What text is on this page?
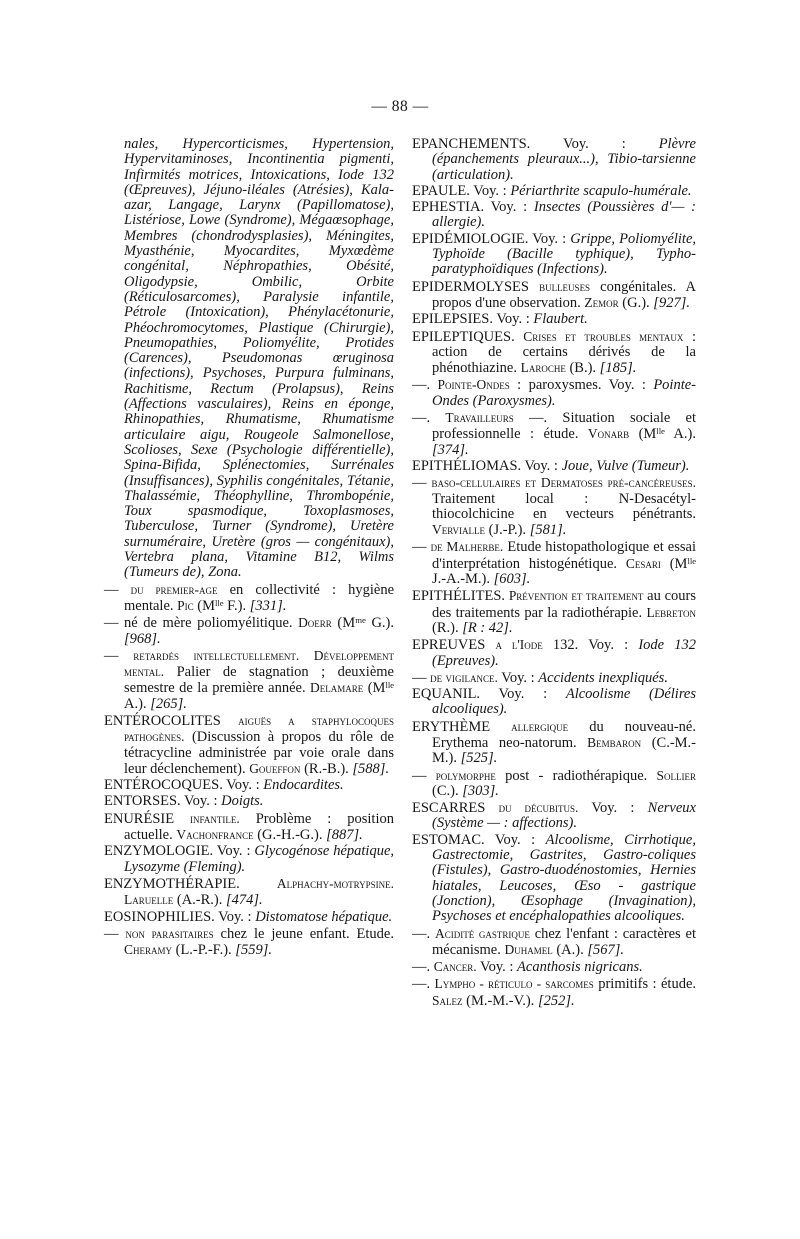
— 88 —
nales, Hypercorticismes, Hypertension, Hypervitaminoses, Incontinentia pigmenti, Infirmités motrices, Intoxications, Iode 132 (Œpreuves), Jéjuno-iléales (Atrésies), Kala-azar, Langage, Larynx (Papillomatose), Listériose, Lowe (Syndrome), Mégaœsophage, Membres (chondrodysplasies), Méningites, Myasthénie, Myocardites, Myxœdème congénital, Néphropathies, Obésité, Oligodypsie, Ombilic, Orbite (Réticulosarcomes), Paralysie infantile, Pétrole (Intoxication), Phénylacétonurie, Phéochromocytomes, Plastique (Chirurgie), Pneumopathies, Poliomyélite, Protides (Carences), Pseudomonas œruginosa (infections), Psychoses, Purpura fulminans, Rachitisme, Rectum (Prolapsus), Reins (Affections vasculaires), Reins en éponge, Rhinopathies, Rhumatisme, Rhumatisme articulaire aigu, Rougeole Salmonellose, Scolioses, Sexe (Psychologie différentielle), Spina-Bifida, Splénectomies, Surrénales (Insuffisances), Syphilis congénitales, Tétanie, Thalassémie, Théophylline, Thrombopénie, Toux spasmodique, Toxoplasmoses, Tuberculose, Turner (Syndrome), Uretère surnuméraire, Uretère (gros — congénitaux), Vertebra plana, Vitamine B12, Wilms (Tumeurs de), Zona.
— du premier-age en collectivité : hygiène mentale. Pic (Mˡˡᵉ F.). [331].
— né de mère poliomyélitique. Doerr (Mᵐᵉ G.). [968].
— retardés intellectuellement. Développement mental. Palier de stagnation ; deuxième semestre de la première année. Delamare (Mˡˡᵉ A.). [265].
ENTÉROCOLITES aiguës a staphylocoques pathogènes. (Discussion à propos du rôle de tétracycline administrée par voie orale dans leur déclenchement). Goueffon (R.-B.). [588].
ENTÉROCOQUES. Voy. : Endocardites.
ENTORSES. Voy. : Doigts.
ENURÉSIE infantile. Problème : position actuelle. Vachonfrance (G.-H.-G.). [887].
ENZYMOLOGIE. Voy. : Glycogénose hépatique, Lysozyme (Fleming).
ENZYMOTHÉRAPIE. Alphachy-motrypsine. Laruelle (A.-R.). [474].
EOSINOPHILIES. Voy. : Distomatose hépatique.
— non parasitaires chez le jeune enfant. Etude. Cheramy (L.-P.-F.). [559].
EPANCHEMENTS. Voy. : Plèvre (épanchements pleuraux...), Tibio-tarsienne (articulation).
EPAULE. Voy. : Périarthrite scapulo-humérale.
EPHESTIA. Voy. : Insectes (Poussières d'— : allergie).
EPIDÉMIOLOGIE. Voy. : Grippe, Poliomyélite, Typhoïde (Bacille typhique), Typho-paratyphoïdiques (Infections).
EPIDERMOLYSES bulleuses congénitales. A propos d'une observation. Zemor (G.). [927].
EPILEPSIES. Voy. : Flaubert.
EPILEPTIQUES. Crises et troubles mentaux : action de certains dérivés de la phénothiazine. Laroche (B.). [185].
—. Pointe-Ondes : paroxysmes. Voy. : Pointe-Ondes (Paroxysmes).
—. Travailleurs —. Situation sociale et professionnelle : étude. Vonarb (Mˡˡᵉ A.). [374].
EPITHÉLIOMAS. Voy. : Joue, Vulve (Tumeur).
— baso-cellulaires et Dermatoses pré-cancéreuses. Traitement local : N-Desacétyl-thiocolchicine en vecteurs pénétrants. Vervialle (J.-P.). [581].
— de Malherbe. Etude histopathologique et essai d'interprétation histogénétique. Cesari (Mˡˡᵉ J.-A.-M.). [603].
EPITHÉLITES. Prévention et traitement au cours des traitements par la radiothérapie. Lebreton (R.). [R : 42].
EPREUVES a l'Iode 132. Voy. : Iode 132 (Epreuves).
— de vigilance. Voy. : Accidents inexpliqués.
EQUANIL. Voy. : Alcoolisme (Délires alcooliques).
ERYTHÈME allergique du nouveau-né. Erythema neo-natorum. Bembaron (C.-M.-M.). [525].
— polymorphe post - radiothérapique. Sollier (C.). [303].
ESCARRES du décubitus. Voy. : Nerveux (Système — : affections).
ESTOMAC. Voy. : Alcoolisme, Cirrhotique, Gastrectomie, Gastrites, Gastro-coliques (Fistules), Gastro-duodénostomies, Hernies hiatales, Leucoses, Œso - gastrique (Jonction), Œsophage (Invagination), Psychoses et encéphalopathies alcooliques.
—. Acidité gastrique chez l'enfant : caractères et mécanisme. Duhamel (A.). [567].
—. Cancer. Voy. : Acanthosis nigricans.
—. Lympho - réticulo - sarcomes primitifs : étude. Salez (M.-M.-V.). [252].
